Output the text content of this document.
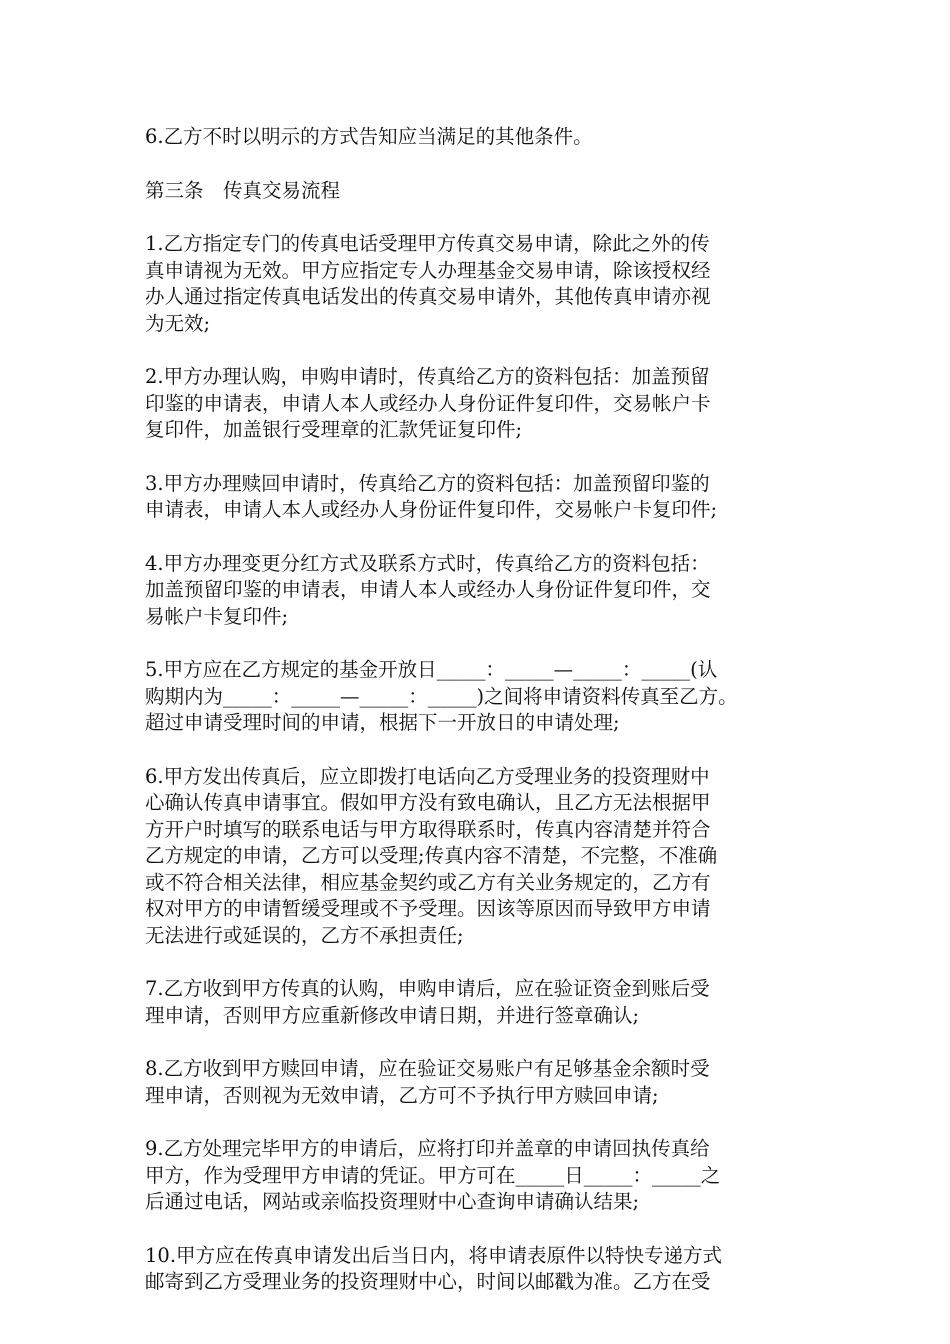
6.乙方不时以明示的方式告知应当满足的其他条件。
第三条　传真交易流程
1.乙方指定专门的传真电话受理甲方传真交易申请，除此之外的传
真申请视为无效。甲方应指定专人办理基金交易申请，除该授权经
办人通过指定传真电话发出的传真交易申请外，其他传真申请亦视
为无效;
2.甲方办理认购，申购申请时，传真给乙方的资料包括：加盖预留
印鉴的申请表，申请人本人或经办人身份证件复印件，交易帐户卡
复印件，加盖银行受理章的汇款凭证复印件;
3.甲方办理赎回申请时，传真给乙方的资料包括：加盖预留印鉴的
申请表，申请人本人或经办人身份证件复印件，交易帐户卡复印件;
4.甲方办理变更分红方式及联系方式时，传真给乙方的资料包括：
加盖预留印鉴的申请表，申请人本人或经办人身份证件复印件，交
易帐户卡复印件;
5.甲方应在乙方规定的基金开放日_____：_____—_____：_____(认
购期内为_____：_____—_____：_____)之间将申请资料传真至乙方。
超过申请受理时间的申请，根据下一开放日的申请处理;
6.甲方发出传真后，应立即拨打电话向乙方受理业务的投资理财中
心确认传真申请事宜。假如甲方没有致电确认，且乙方无法根据甲
方开户时填写的联系电话与甲方取得联系时，传真内容清楚并符合
乙方规定的申请，乙方可以受理;传真内容不清楚，不完整，不准确
或不符合相关法律，相应基金契约或乙方有关业务规定的，乙方有
权对甲方的申请暂缓受理或不予受理。因该等原因而导致甲方申请
无法进行或延误的，乙方不承担责任;
7.乙方收到甲方传真的认购，申购申请后，应在验证资金到账后受
理申请，否则甲方应重新修改申请日期，并进行签章确认;
8.乙方收到甲方赎回申请，应在验证交易账户有足够基金余额时受
理申请，否则视为无效申请，乙方可不予执行甲方赎回申请;
9.乙方处理完毕甲方的申请后，应将打印并盖章的申请回执传真给
甲方，作为受理甲方申请的凭证。甲方可在_____日_____：_____之
后通过电话，网站或亲临投资理财中心查询申请确认结果;
10.甲方应在传真申请发出后当日内，将申请表原件以特快专递方式
邮寄到乙方受理业务的投资理财中心，时间以邮戳为准。乙方在受
